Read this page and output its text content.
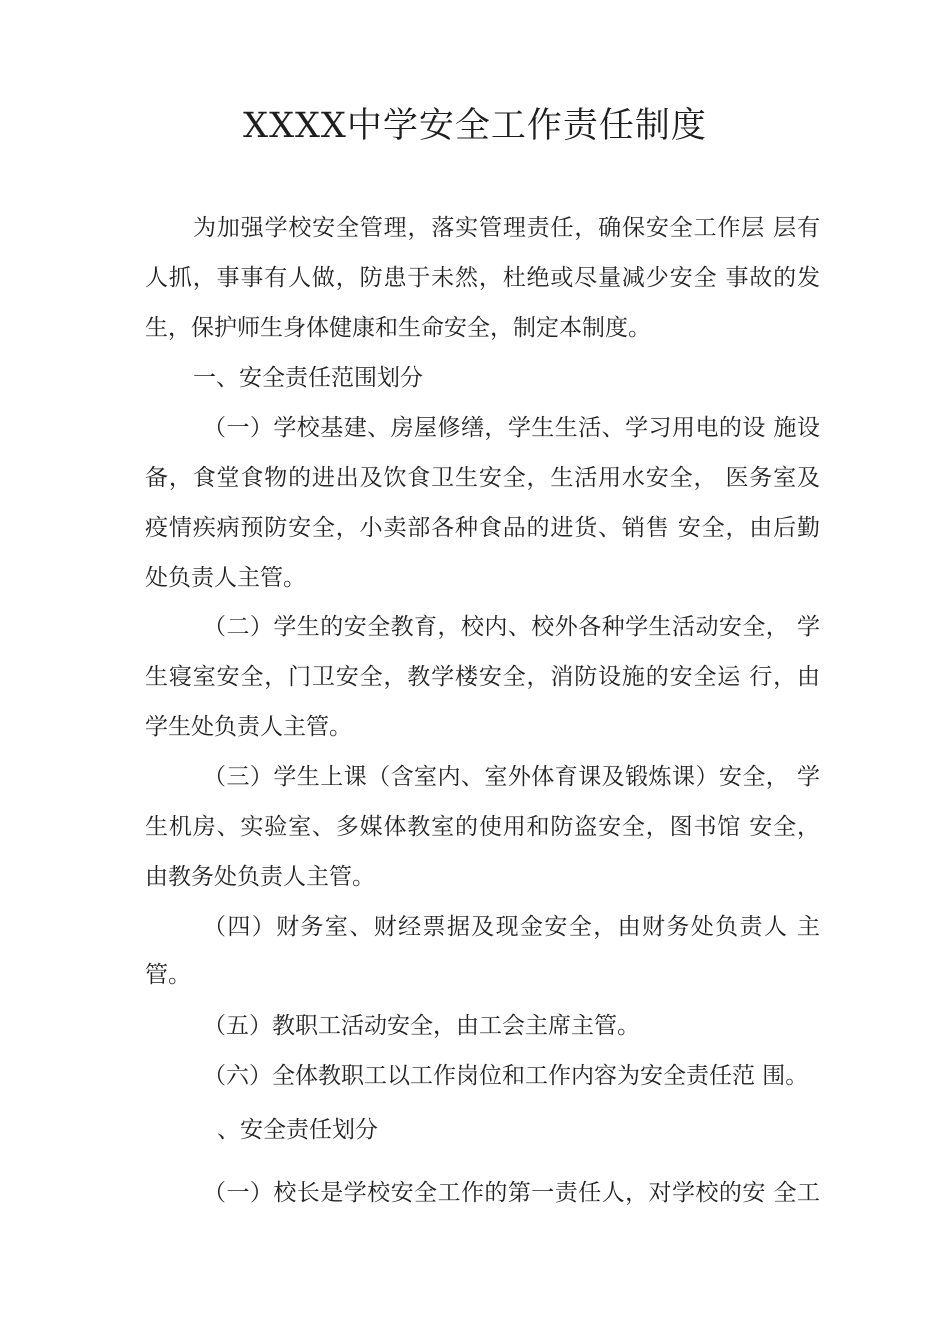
XXXX中学安全工作责任制度
为加强学校安全管理，落实管理责任，确保安全工作层 层有
人抓，事事有人做，防患于未然，杜绝或尽量减少安全 事故的发
生，保护师生身体健康和生命安全，制定本制度。
一、安全责任范围划分
（一）学校基建、房屋修缮，学生生活、学习用电的设 施设
备，食堂食物的进出及饮食卫生安全，生活用水安全， 医务室及
疫情疾病预防安全，小卖部各种食品的进货、销售 安全，由后勤
处负责人主管。
（二）学生的安全教育，校内、校外各种学生活动安全， 学
生寝室安全，门卫安全，教学楼安全，消防设施的安全运 行，由
学生处负责人主管。
（三）学生上课（含室内、室外体育课及锻炼课）安全， 学
生机房、实验室、多媒体教室的使用和防盗安全，图书馆 安全，
由教务处负责人主管。
（四）财务室、财经票据及现金安全，由财务处负责人 主
管。
（五）教职工活动安全，由工会主席主管。
（六）全体教职工以工作岗位和工作内容为安全责任范 围。
、安全责任划分
（一）校长是学校安全工作的第一责任人，对学校的安 全工
